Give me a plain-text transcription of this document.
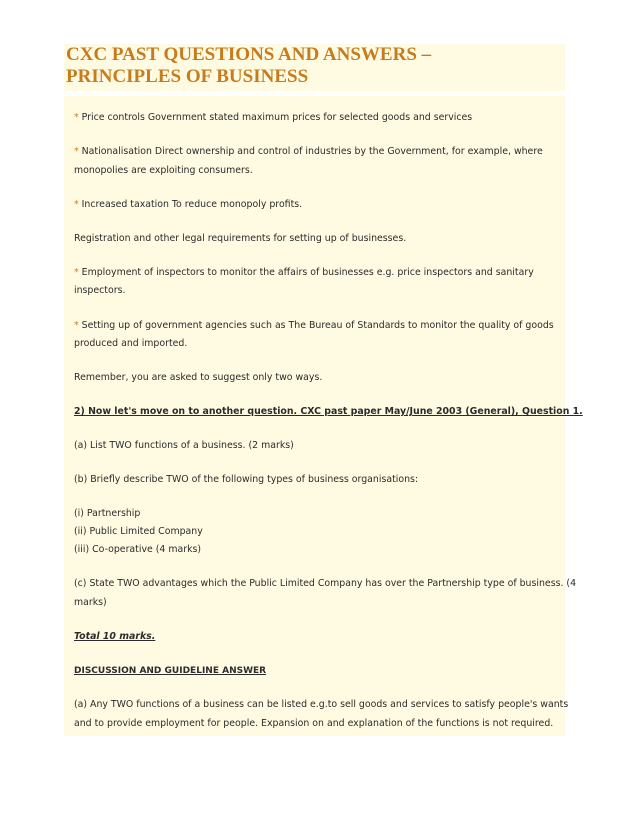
CXC PAST QUESTIONS AND ANSWERS –
PRINCIPLES OF BUSINESS
* Price controls Government stated maximum prices for selected goods and services
* Nationalisation Direct ownership and control of industries by the Government, for example, where
monopolies are exploiting consumers.
* Increased taxation To reduce monopoly profits.
Registration and other legal requirements for setting up of businesses.
* Employment of inspectors to monitor the affairs of businesses e.g. price inspectors and sanitary
inspectors.
* Setting up of government agencies such as The Bureau of Standards to monitor the quality of goods
produced and imported.
Remember, you are asked to suggest only two ways.
2) Now let's move on to another question. CXC past paper May/June 2003 (General), Question 1.
(a) List TWO functions of a business. (2 marks)
(b) Briefly describe TWO of the following types of business organisations:
(i) Partnership
(ii) Public Limited Company
(iii) Co-operative (4 marks)
(c) State TWO advantages which the Public Limited Company has over the Partnership type of business. (4
marks)
Total 10 marks.
DISCUSSION AND GUIDELINE ANSWER
(a) Any TWO functions of a business can be listed e.g.to sell goods and services to satisfy people's wants
and to provide employment for people. Expansion on and explanation of the functions is not required.
